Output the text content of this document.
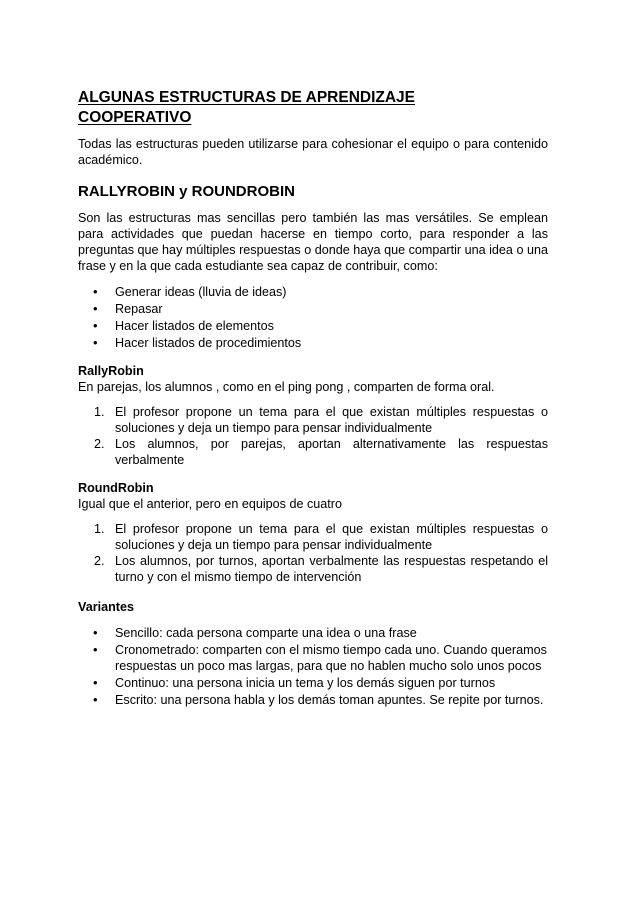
ALGUNAS ESTRUCTURAS DE APRENDIZAJE COOPERATIVO

Todas las estructuras pueden utilizarse para cohesionar el equipo o para contenido académico.

RALLYROBIN y ROUNDROBIN

Son las estructuras mas sencillas pero también las mas versátiles. Se emplean para actividades que puedan hacerse en tiempo corto, para responder a las preguntas que hay múltiples respuestas o donde haya que compartir una idea o una frase y en la que cada estudiante sea capaz de contribuir, como:

• Generar ideas (lluvia de ideas)
• Repasar
• Hacer listados de elementos
• Hacer listados de procedimientos

RallyRobin

En parejas, los alumnos , como en el ping pong , comparten de forma oral.

1. El profesor propone un tema para el que existan múltiples respuestas o soluciones y deja un tiempo para pensar individualmente
2. Los alumnos, por parejas, aportan alternativamente las respuestas verbalmente

RoundRobin

Igual que el anterior, pero en equipos de cuatro

1. El profesor propone un tema para el que existan múltiples respuestas o soluciones y deja un tiempo para pensar individualmente
2. Los alumnos, por turnos, aportan verbalmente las respuestas respetando el turno y con el mismo tiempo de intervención

Variantes

• Sencillo: cada persona comparte una idea o una frase
• Cronometrado: comparten con el mismo tiempo cada uno. Cuando queramos respuestas un poco mas largas, para que no hablen mucho solo unos pocos
• Continuo: una persona inicia un tema y los demás siguen por turnos
• Escrito: una persona habla y los demás toman apuntes. Se repite por turnos.
